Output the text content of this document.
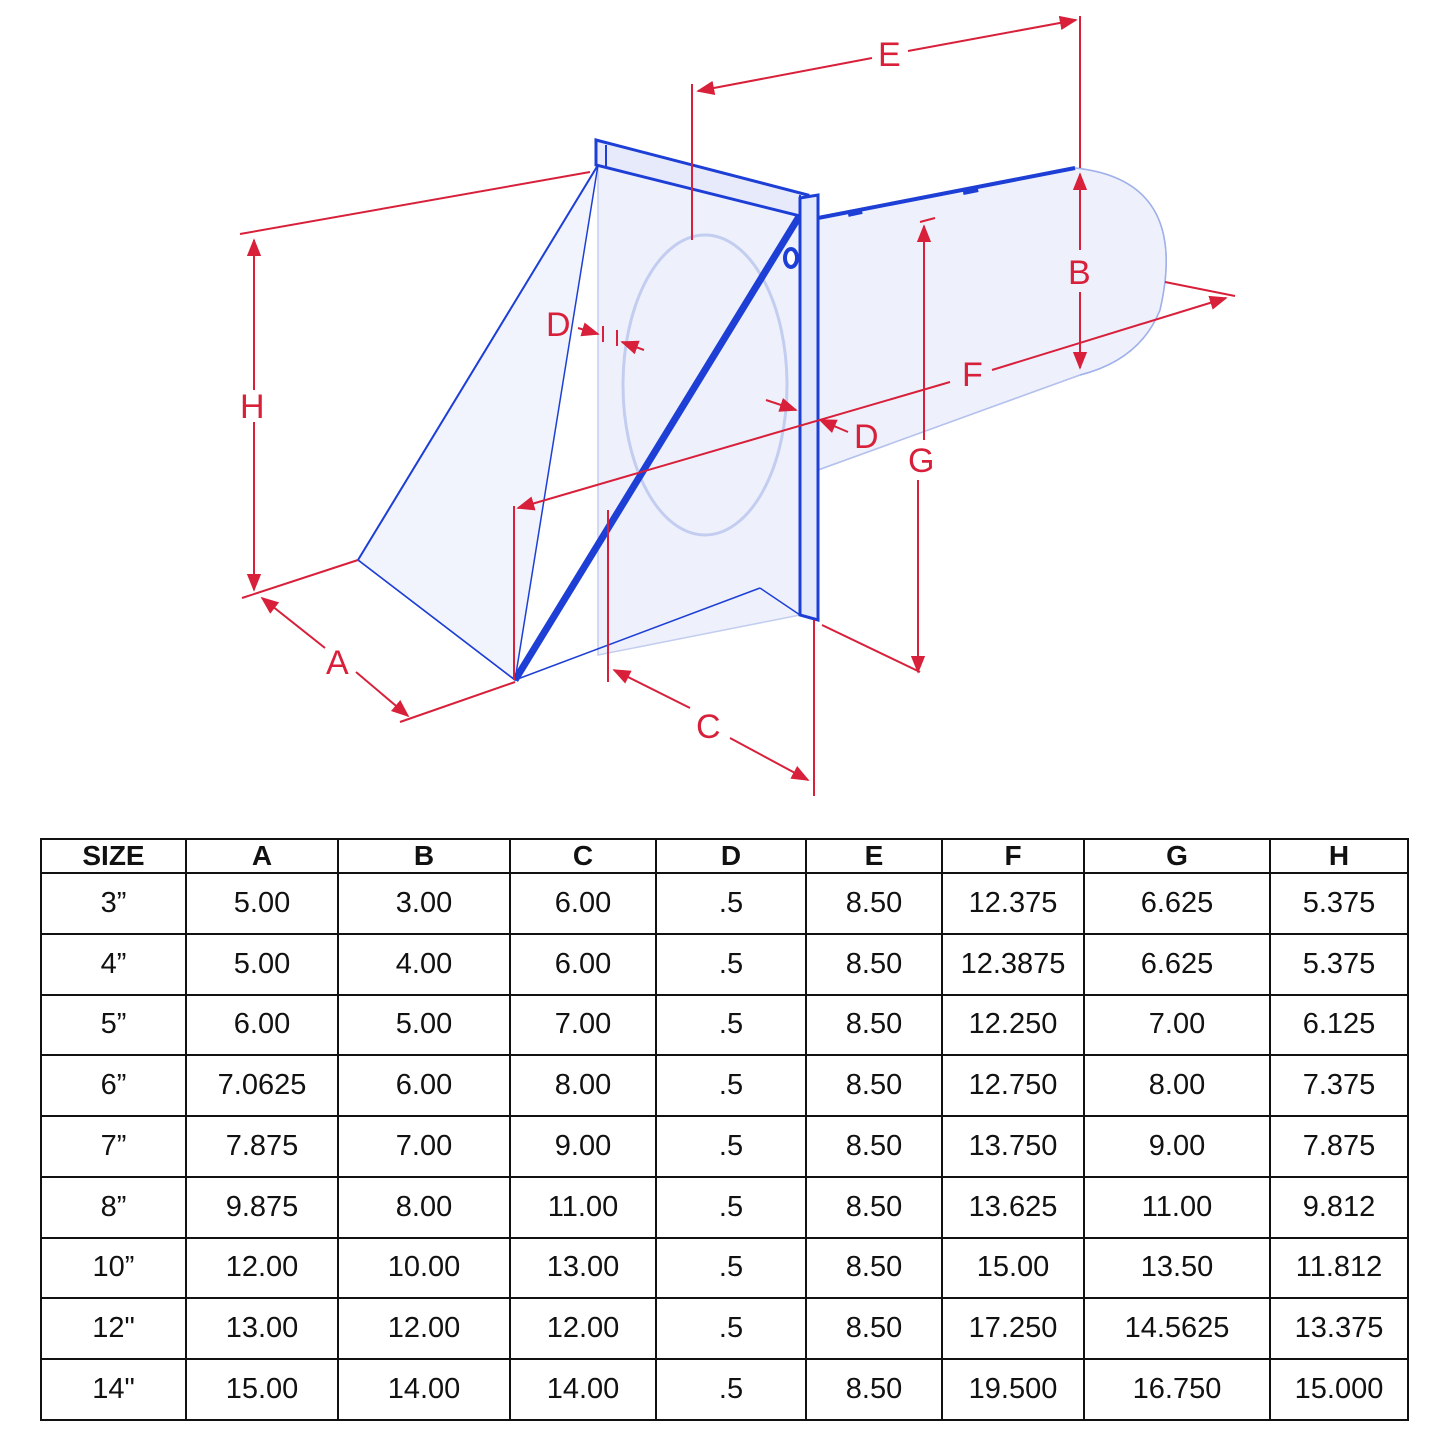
H
A
C
E
B
F
G
D
D
SIZE	A	B	C	D	E	F	G	H
3”	5.00	3.00	6.00	.5	8.50	12.375	6.625	5.375
4”	5.00	4.00	6.00	.5	8.50	12.3875	6.625	5.375
5”	6.00	5.00	7.00	.5	8.50	12.250	7.00	6.125
6”	7.0625	6.00	8.00	.5	8.50	12.750	8.00	7.375
7”	7.875	7.00	9.00	.5	8.50	13.750	9.00	7.875
8”	9.875	8.00	11.00	.5	8.50	13.625	11.00	9.812
10”	12.00	10.00	13.00	.5	8.50	15.00	13.50	11.812
12"	13.00	12.00	12.00	.5	8.50	17.250	14.5625	13.375
14"	15.00	14.00	14.00	.5	8.50	19.500	16.750	15.000
